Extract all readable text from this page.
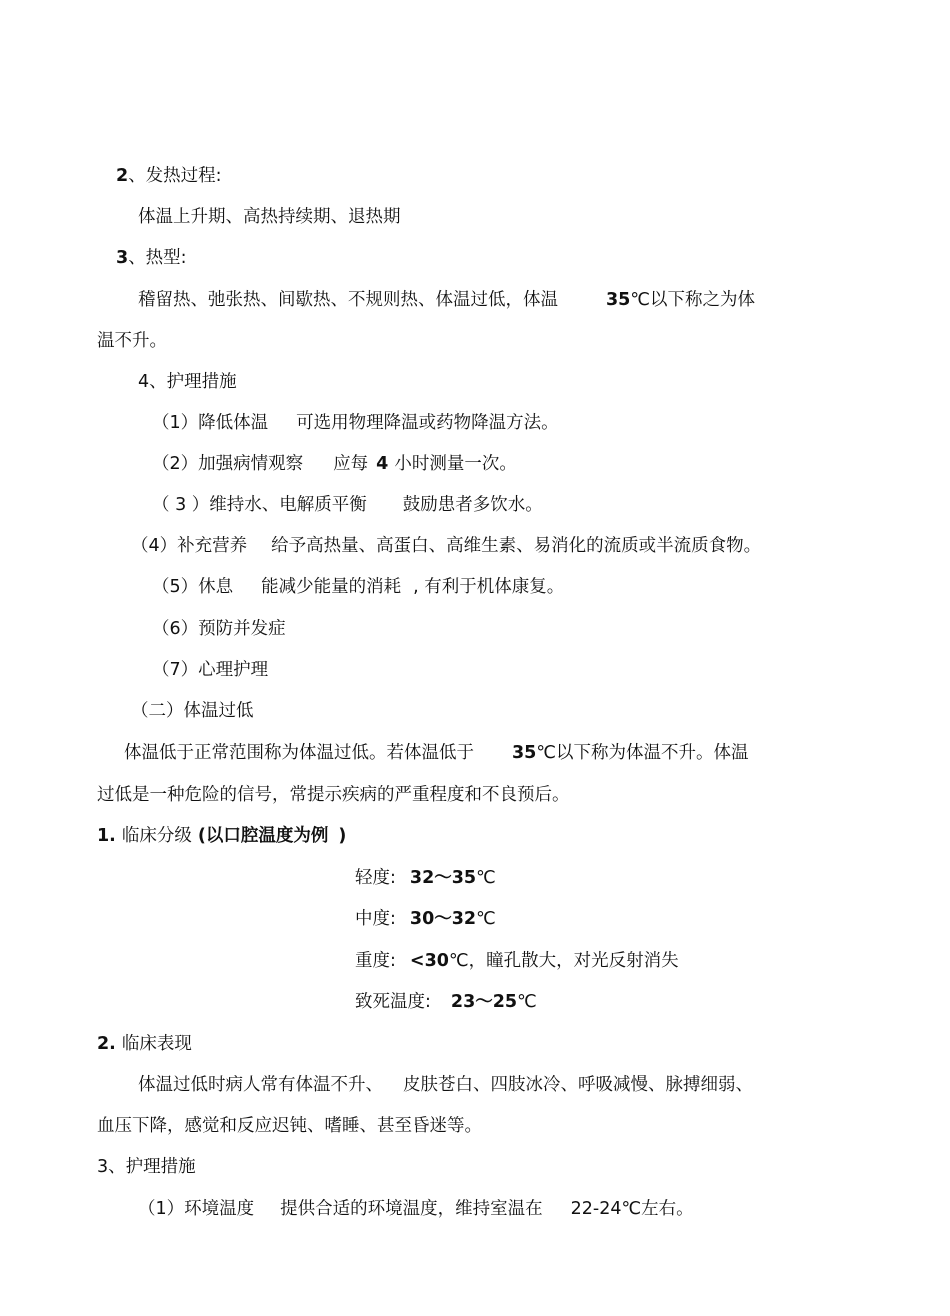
2、发热过程:
体温上升期、高热持续期、退热期
3、热型:
稽留热、弛张热、间歇热、不规则热、体温过低，体温	35℃以下称之为体
温不升。
4、护理措施
（1）降低体温 可选用物理降温或药物降温方法。
（2）加强病情观察 应每 4 小时测量一次。
（ 3 ）维持水、电解质平衡 鼓励患者多饮水。
（4）补充营养 给予高热量、高蛋白、高维生素、易消化的流质或半流质食物。
（5）休息 能减少能量的消耗 , 有利于机体康复。
（6）预防并发症
（7）心理护理
（二）体温过低
体温低于正常范围称为体温过低。若体温低于 35℃以下称为体温不升。体温
过低是一种危险的信号，常提示疾病的严重程度和不良预后。
1. 临床分级 (以口腔温度为例 )
轻度: 32～35℃
中度: 30～32℃
重度: <30℃，瞳孔散大，对光反射消失
致死温度: 23～25℃
2. 临床表现
体温过低时病人常有体温不升、 皮肤苍白、四肢冰冷、呼吸减慢、脉搏细弱、
血压下降，感觉和反应迟钝、嗜睡、甚至昏迷等。
3、护理措施
（1）环境温度 提供合适的环境温度，维持室温在 22-24℃左右。
